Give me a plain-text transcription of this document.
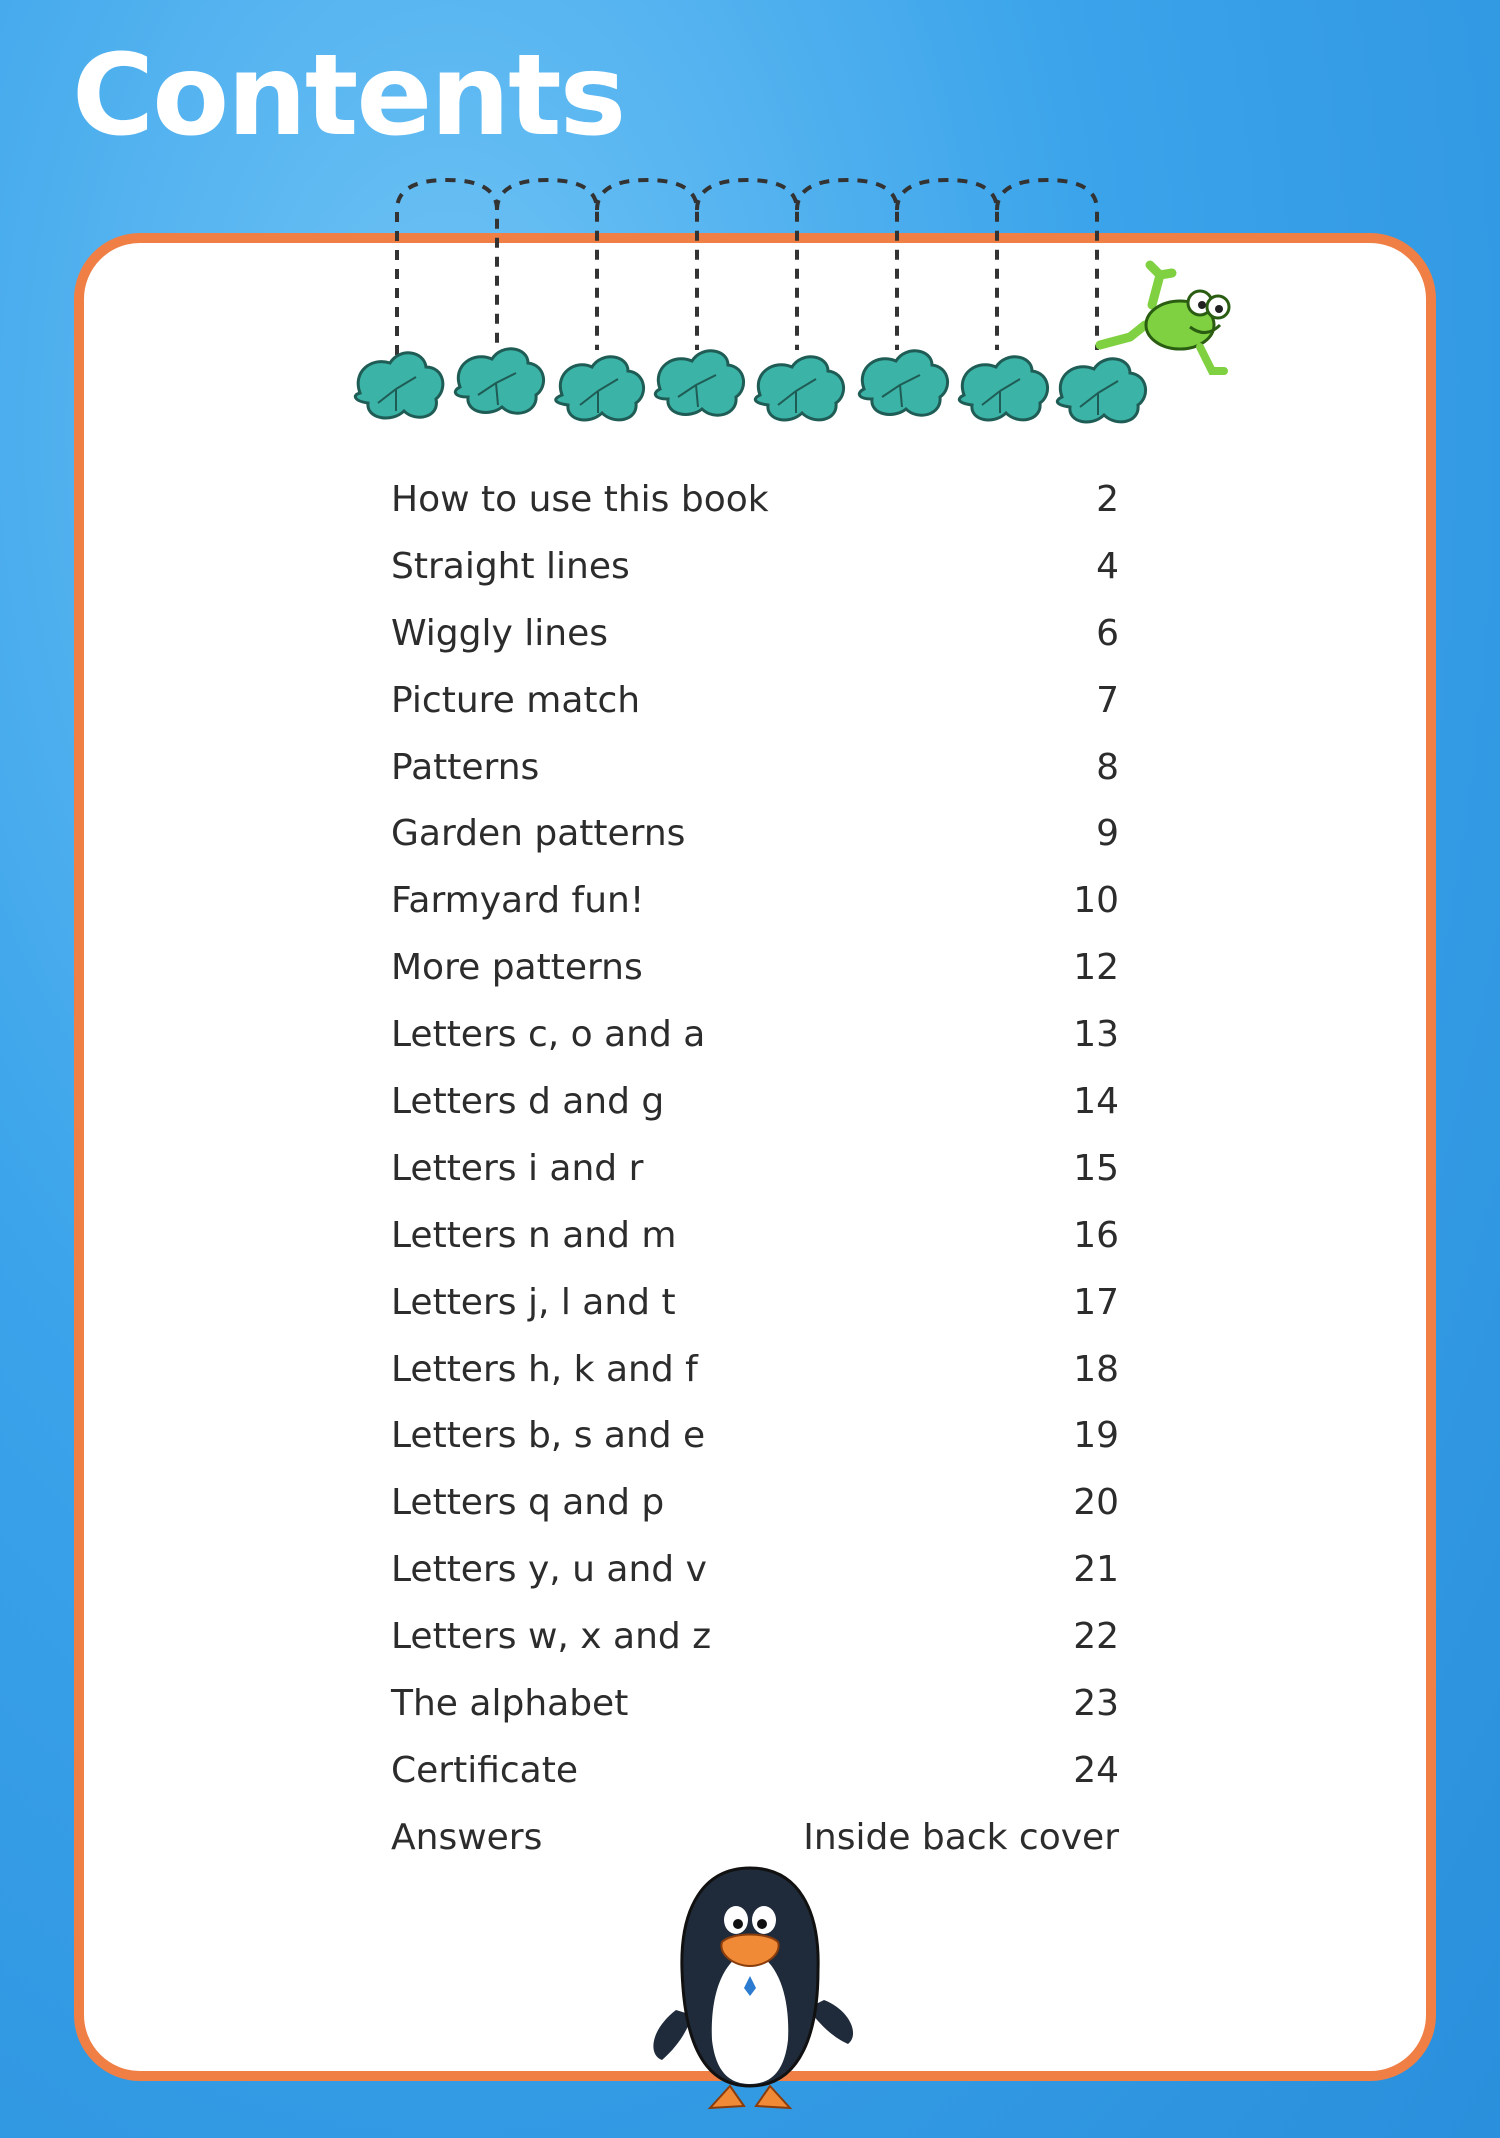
Contents
How to use this book	2
Straight lines	4
Wiggly lines	6
Picture match	7
Patterns	8
Garden patterns	9
Farmyard fun!	10
More patterns	12
Letters c, o and a	13
Letters d and g	14
Letters i and r	15
Letters n and m	16
Letters j, l and t	17
Letters h, k and f	18
Letters b, s and e	19
Letters q and p	20
Letters y, u and v	21
Letters w, x and z	22
The alphabet	23
Certificate	24
Answers	Inside back cover
